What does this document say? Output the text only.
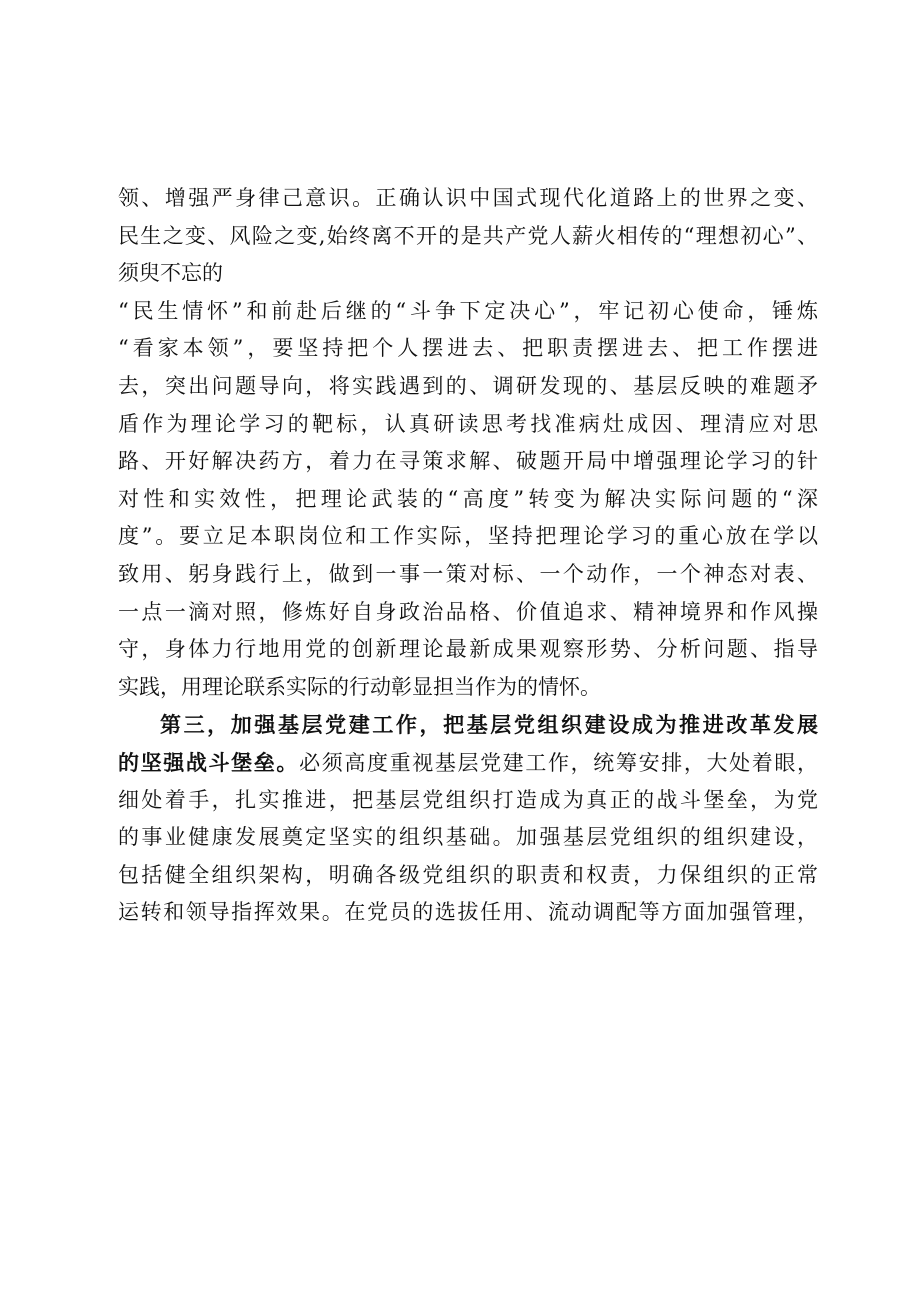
领、增强严身律己意识。正确认识中国式现代化道路上的世界之变、
民生之变、风险之变,始终离不开的是共产党人薪火相传的“理想初心”、
须臾不忘的
“民生情怀”和前赴后继的“斗争下定决心”，牢记初心使命，锤炼
“看家本领”，要坚持把个人摆进去、把职责摆进去、把工作摆进
去，突出问题导向，将实践遇到的、调研发现的、基层反映的难题矛
盾作为理论学习的靶标，认真研读思考找准病灶成因、理清应对思
路、开好解决药方，着力在寻策求解、破题开局中增强理论学习的针
对性和实效性，把理论武装的“高度”转变为解决实际问题的“深
度”。要立足本职岗位和工作实际，坚持把理论学习的重心放在学以
致用、躬身践行上，做到一事一策对标、一个动作，一个神态对表、
一点一滴对照，修炼好自身政治品格、价值追求、精神境界和作风操
守，身体力行地用党的创新理论最新成果观察形势、分析问题、指导
实践，用理论联系实际的行动彰显担当作为的情怀。
第三，加强基层党建工作，把基层党组织建设成为推进改革发展
的坚强战斗堡垒。必须高度重视基层党建工作，统筹安排，大处着眼，
细处着手，扎实推进，把基层党组织打造成为真正的战斗堡垒，为党
的事业健康发展奠定坚实的组织基础。加强基层党组织的组织建设，
包括健全组织架构，明确各级党组织的职责和权责，力保组织的正常
运转和领导指挥效果。在党员的选拔任用、流动调配等方面加强管理，
